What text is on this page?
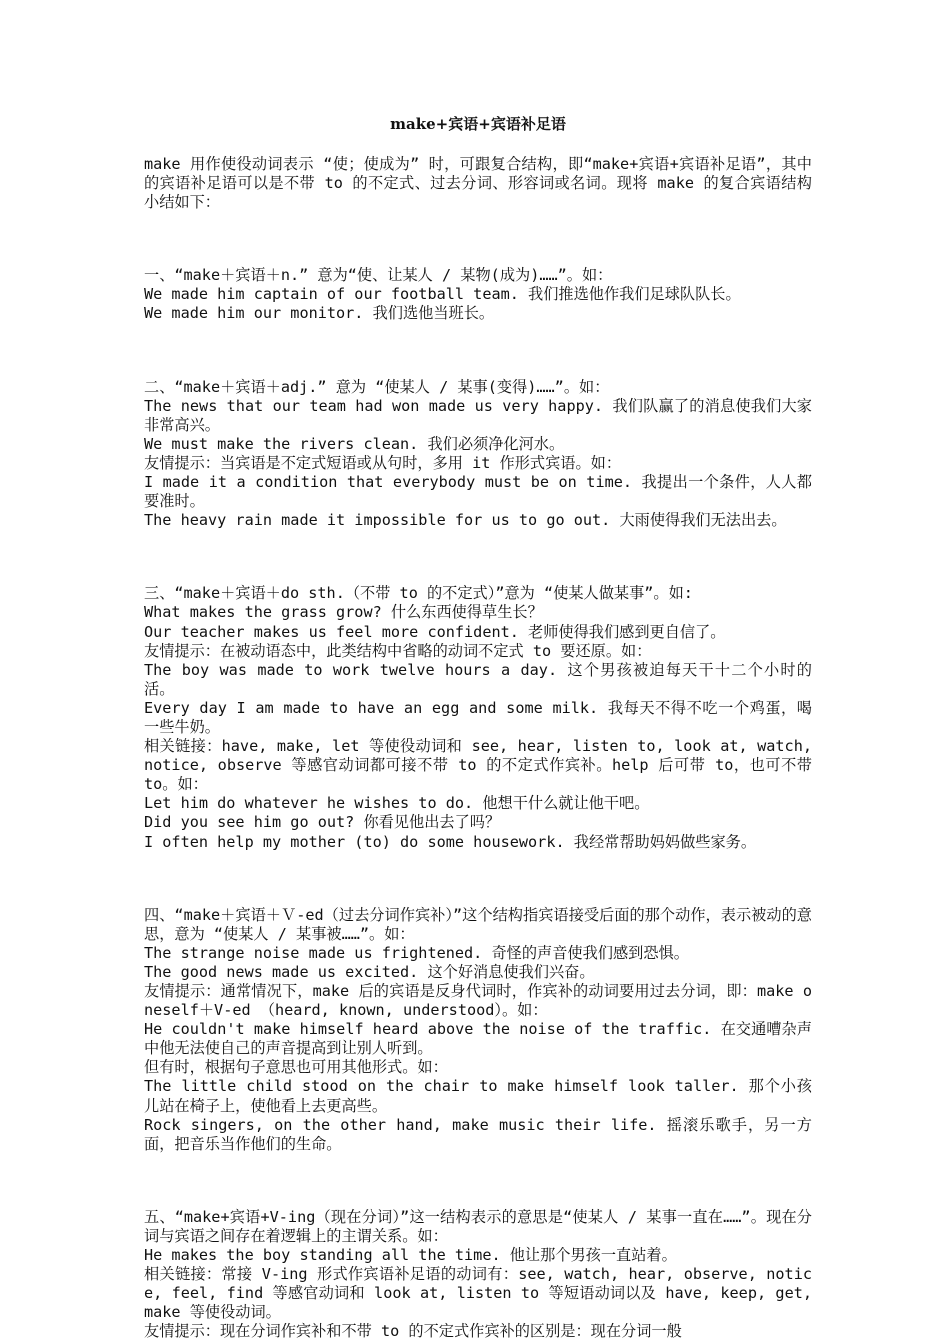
make+宾语+宾语补足语

make 用作使役动词表示 “使；使成为” 时，可跟复合结构，即“make+宾语+宾语补足语”，其中的宾语补足语可以是不带 to 的不定式、过去分词、形容词或名词。现将 make 的复合宾语结构小结如下：

一、“make＋宾语＋n.” 意为“使、让某人 / 某物(成为)……”。如：

We made him captain of our football team. 我们推选他作我们足球队队长。

We made him our monitor. 我们选他当班长。

二、“make＋宾语＋adj.” 意为 “使某人 / 某事(变得)……”。如：

The news that our team had won made us very happy. 我们队赢了的消息使我们大家非常高兴。

We must make the rivers clean. 我们必须净化河水。

友情提示：当宾语是不定式短语或从句时，多用 it 作形式宾语。如：

I made it a condition that everybody must be on time. 我提出一个条件，人人都要准时。

The heavy rain made it impossible for us to go out. 大雨使得我们无法出去。

三、“make＋宾语＋do sth.（不带 to 的不定式）”意为 “使某人做某事”。如:

What makes the grass grow? 什么东西使得草生长？

Our teacher makes us feel more confident. 老师使得我们感到更自信了。

友情提示：在被动语态中，此类结构中省略的动词不定式 to 要还原。如：

The boy was made to work twelve hours a day. 这个男孩被迫每天干十二个小时的活。

Every day I am made to have an egg and some milk. 我每天不得不吃一个鸡蛋，喝一些牛奶。

相关链接：have, make, let 等使役动词和 see, hear, listen to, look at, watch, notice, observe 等感官动词都可接不带 to 的不定式作宾补。help 后可带 to，也可不带 to。如：

Let him do whatever he wishes to do. 他想干什么就让他干吧。

Did you see him go out? 你看见他出去了吗？

I often help my mother (to) do some housework. 我经常帮助妈妈做些家务。

四、“make＋宾语＋Ｖ-ed（过去分词作宾补）”这个结构指宾语接受后面的那个动作，表示被动的意思，意为 “使某人 / 某事被……”。如：

The strange noise made us frightened. 奇怪的声音使我们感到恐惧。

The good news made us excited. 这个好消息使我们兴奋。

友情提示：通常情况下，make 后的宾语是反身代词时，作宾补的动词要用过去分词，即：make oneself＋V-ed （heard, known, understood）。如：

He couldn't make himself heard above the noise of the traffic. 在交通嘈杂声中他无法使自己的声音提高到让别人听到。

但有时，根据句子意思也可用其他形式。如：

The little child stood on the chair to make himself look taller. 那个小孩儿站在椅子上，使他看上去更高些。

Rock singers, on the other hand, make music their life. 摇滚乐歌手，另一方面，把音乐当作他们的生命。

五、“make+宾语+V-ing（现在分词）”这一结构表示的意思是“使某人 / 某事一直在……”。现在分词与宾语之间存在着逻辑上的主谓关系。如：

He makes the boy standing all the time. 他让那个男孩一直站着。

相关链接：常接 V-ing 形式作宾语补足语的动词有：see, watch, hear, observe, notice, feel, find 等感官动词和 look at, listen to 等短语动词以及 have, keep, get, make 等使役动词。

友情提示：现在分词作宾补和不带 to 的不定式作宾补的区别是：现在分词一般
